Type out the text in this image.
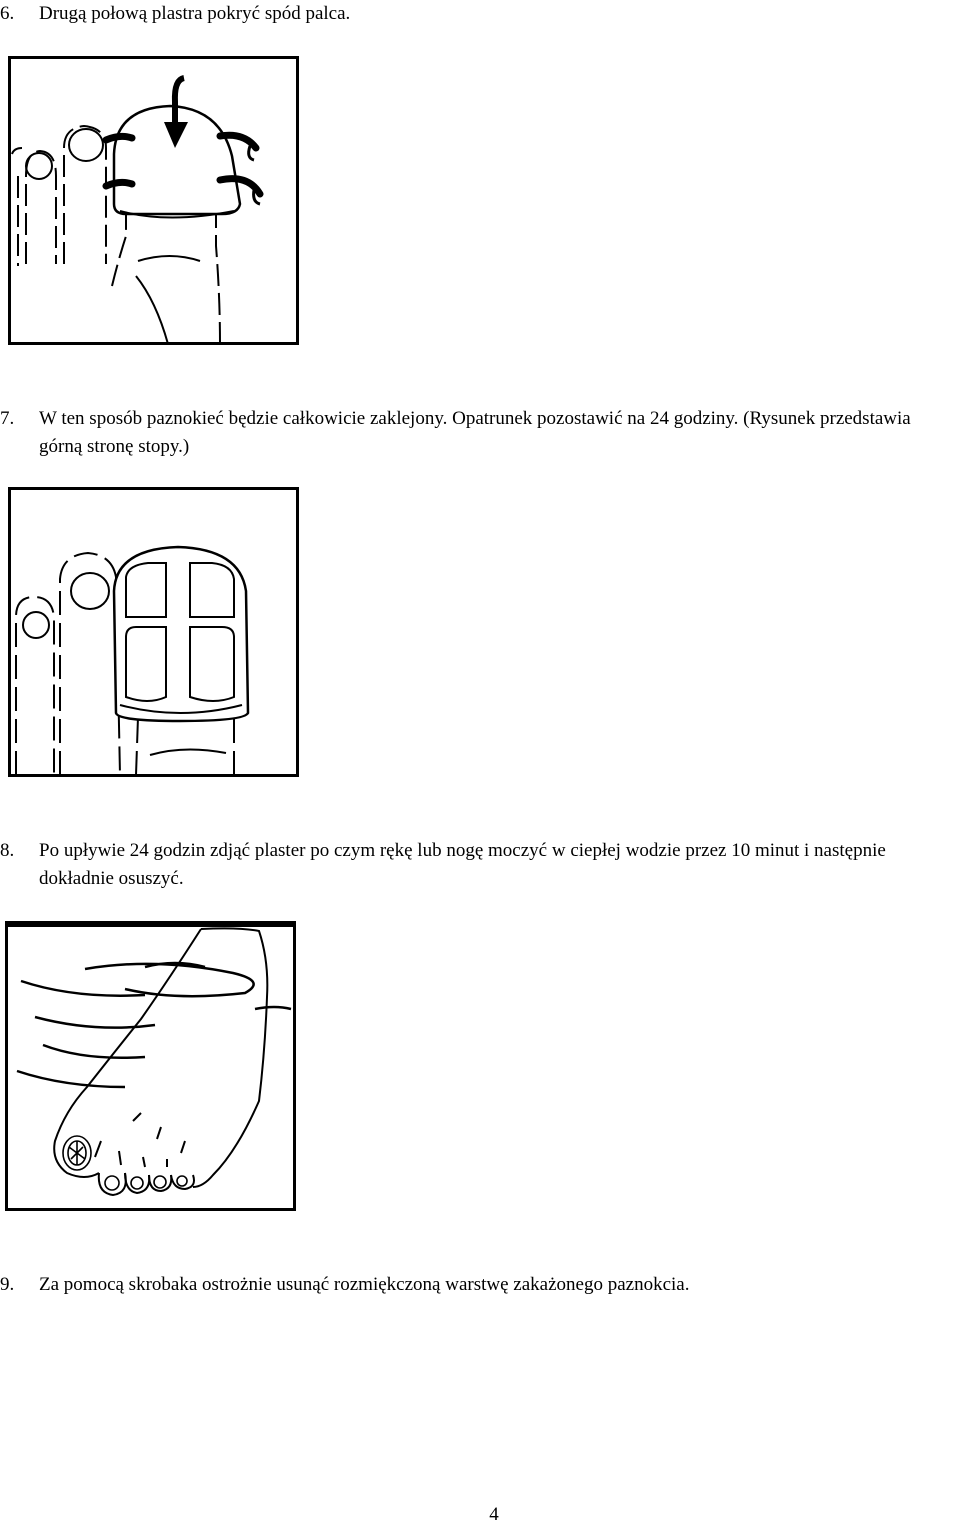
6. Drugą połową plastra pokryć spód palca.
7. W ten sposób paznokieć będzie całkowicie zaklejony. Opatrunek pozostawić na 24 godziny. (Rysunek przedstawia górną stronę stopy.)
8. Po upływie 24 godzin zdjąć plaster po czym rękę lub nogę moczyć w ciepłej wodzie przez 10 minut i następnie dokładnie osuszyć.
9. Za pomocą skrobaka ostrożnie usunąć rozmiękczoną warstwę zakażonego paznokcia.
4
